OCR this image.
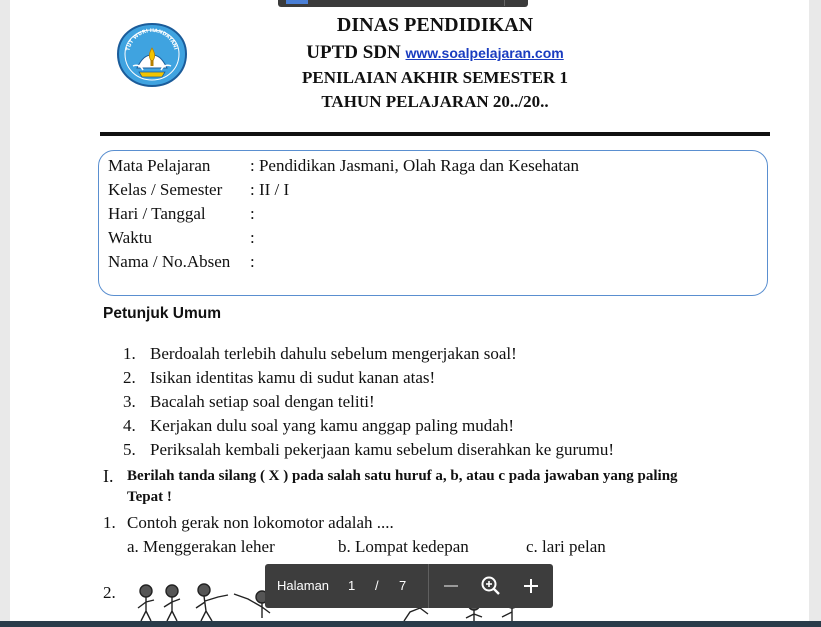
TUT WURI HANDAYANI
DINAS PENDIDIKAN
UPTD SDN www.soalpelajaran.com
PENILAIAN AKHIR SEMESTER 1
TAHUN PELAJARAN 20../20..
Mata Pelajaran : Pendidikan Jasmani, Olah Raga dan Kesehatan
Kelas / Semester : II / I
Hari / Tanggal	:
Waktu	:
Nama / No.Absen :
Petunjuk Umum
1. Berdoalah terlebih dahulu sebelum mengerjakan soal!
2. Isikan identitas kamu di sudut kanan atas!
3. Bacalah setiap soal dengan teliti!
4. Kerjakan dulu soal yang kamu anggap paling mudah!
5. Periksalah kembali pekerjaan kamu sebelum diserahkan ke gurumu!
I. Berilah tanda silang ( X ) pada salah satu huruf a, b, atau c pada jawaban yang paling Tepat !
1. Contoh gerak non lokomotor adalah ....
a. Menggerakan leher	b. Lompat kedepan	c. lari pelan
2.	Halaman 1 / 7
